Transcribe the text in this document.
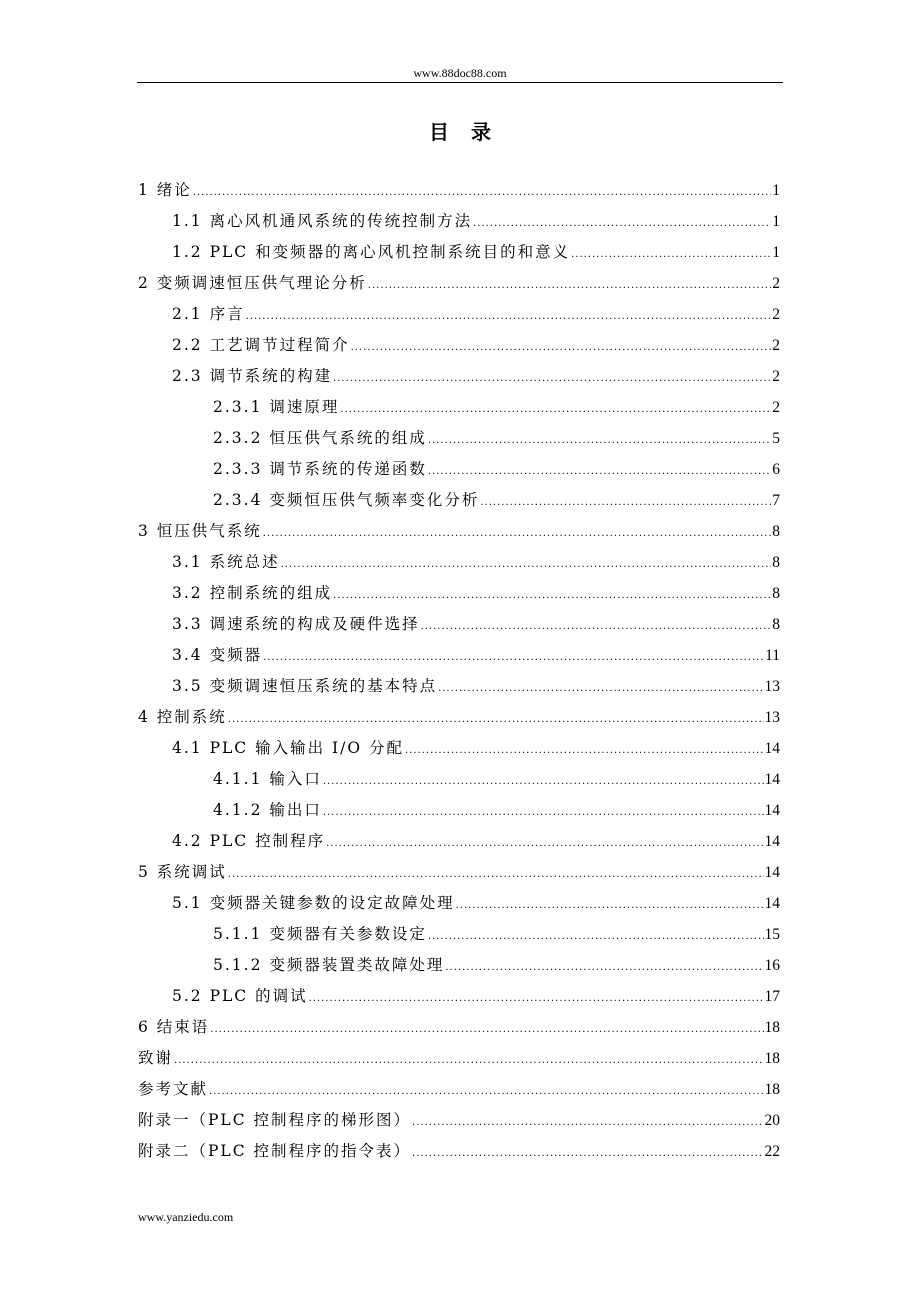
www.88doc88.com
目录
1 绪论 .....	1
1.1 离心风机通风系统的传统控制方法 .....	1
1.2 PLC 和变频器的离心风机控制系统目的和意义 .....	1
2 变频调速恒压供气理论分析 .....	2
2.1 序言 .....	2
2.2 工艺调节过程简介 .....	2
2.3 调节系统的构建 .....	2
2.3.1 调速原理 .....	2
2.3.2 恒压供气系统的组成 .....	5
2.3.3 调节系统的传递函数 .....	6
2.3.4 变频恒压供气频率变化分析 .....	7
3 恒压供气系统 .....	8
3.1 系统总述 .....	8
3.2 控制系统的组成 .....	8
3.3 调速系统的构成及硬件选择 .....	8
3.4 变频器 .....	11
3.5 变频调速恒压系统的基本特点 .....	13
4 控制系统 .....	13
4.1 PLC 输入输出 I/O 分配 .....	14
4.1.1 输入口 .....	14
4.1.2 输出口 .....	14
4.2 PLC 控制程序 .....	14
5 系统调试 .....	14
5.1 变频器关键参数的设定故障处理 .....	14
5.1.1 变频器有关参数设定 .....	15
5.1.2 变频器装置类故障处理 .....	16
5.2 PLC 的调试 .....	17
6 结束语 .....	18
致谢 .....	18
参考文献 .....	18
附录一（PLC 控制程序的梯形图） .....	20
附录二（PLC 控制程序的指令表） .....	22
www.yanziedu.com
